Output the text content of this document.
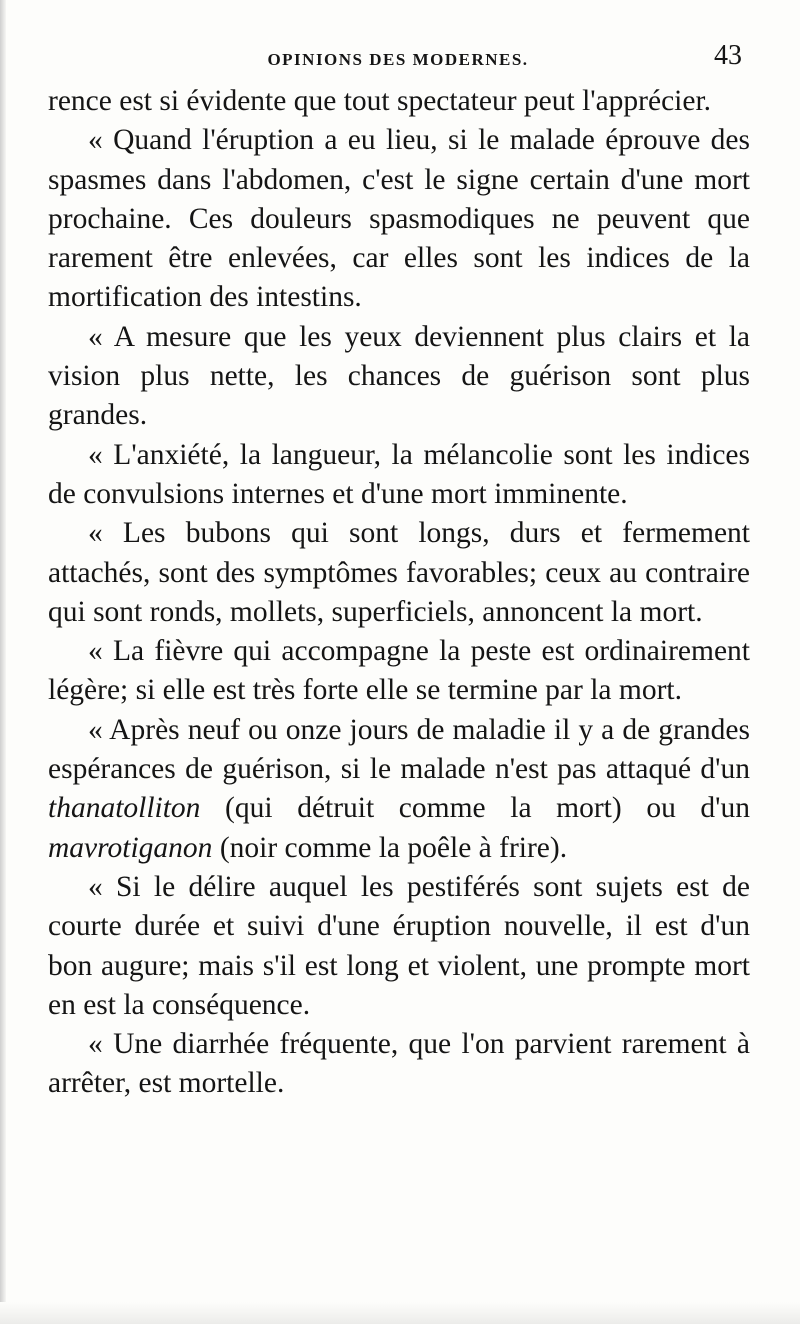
OPINIONS DES MODERNES.	43

rence est si évidente que tout spectateur peut l'apprécier.

« Quand l'éruption a eu lieu, si le malade éprouve des spasmes dans l'abdomen, c'est le signe certain d'une mort prochaine. Ces douleurs spasmodiques ne peuvent que rarement être enlevées, car elles sont les indices de la mortification des intestins.

« A mesure que les yeux deviennent plus clairs et la vision plus nette, les chances de guérison sont plus grandes.

« L'anxiété, la langueur, la mélancolie sont les indices de convulsions internes et d'une mort imminente.

« Les bubons qui sont longs, durs et fermement attachés, sont des symptômes favorables; ceux au contraire qui sont ronds, mollets, superficiels, annoncent la mort.

« La fièvre qui accompagne la peste est ordinairement légère; si elle est très forte elle se termine par la mort.

« Après neuf ou onze jours de maladie il y a de grandes espérances de guérison, si le malade n'est pas attaqué d'un thanatolliton (qui détruit comme la mort) ou d'un mavrotiganon (noir comme la poêle à frire).

« Si le délire auquel les pestiférés sont sujets est de courte durée et suivi d'une éruption nouvelle, il est d'un bon augure; mais s'il est long et violent, une prompte mort en est la conséquence.

« Une diarrhée fréquente, que l'on parvient rarement à arrêter, est mortelle.
